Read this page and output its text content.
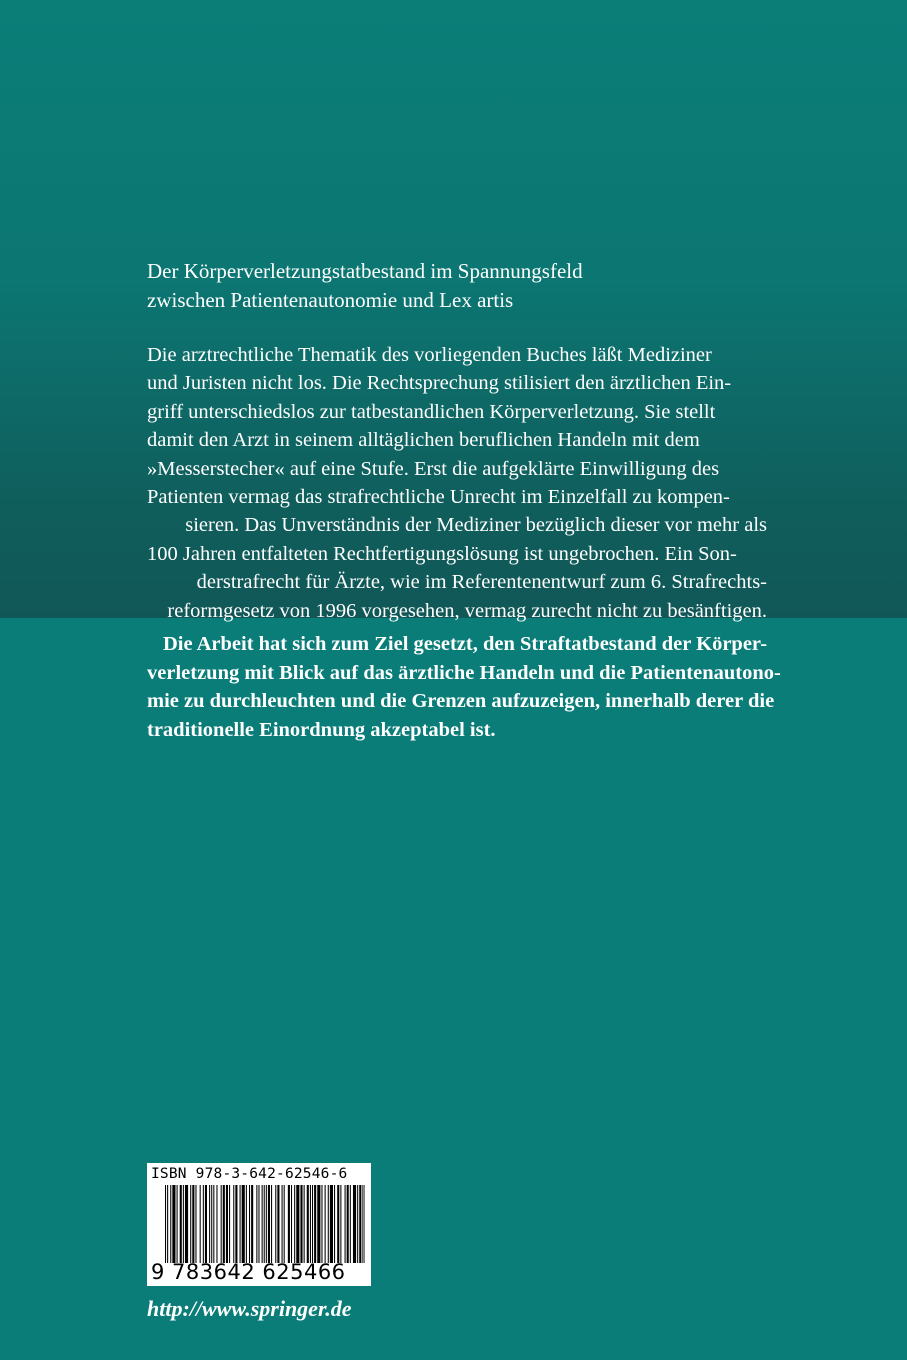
Der Körperverletzungstatbestand im Spannungsfeld
zwischen Patientenautonomie und Lex artis
Die arztrechtliche Thematik des vorliegenden Buches läßt Mediziner
und Juristen nicht los. Die Rechtsprechung stilisiert den ärztlichen Ein-
griff unterschiedslos zur tatbestandlichen Körperverletzung. Sie stellt
damit den Arzt in seinem alltäglichen beruflichen Handeln mit dem
»Messerstecher« auf eine Stufe. Erst die aufgeklärte Einwilligung des
Patienten vermag das strafrechtliche Unrecht im Einzelfall zu kompen-
sieren. Das Unverständnis der Mediziner bezüglich dieser vor mehr als
100 Jahren entfalteten Rechtfertigungslösung ist ungebrochen. Ein Son-
derstrafrecht für Ärzte, wie im Referentenentwurf zum 6. Strafrechts-
reformgesetz von 1996 vorgesehen, vermag zurecht nicht zu besänftigen.
Die Arbeit hat sich zum Ziel gesetzt, den Straftatbestand der Körper-
verletzung mit Blick auf das ärztliche Handeln und die Patientenautono-
mie zu durchleuchten und die Grenzen aufzuzeigen, innerhalb derer die
traditionelle Einordnung akzeptabel ist.
ISBN 978-3-642-62546-6
9 783642 625466
http://www.springer.de
